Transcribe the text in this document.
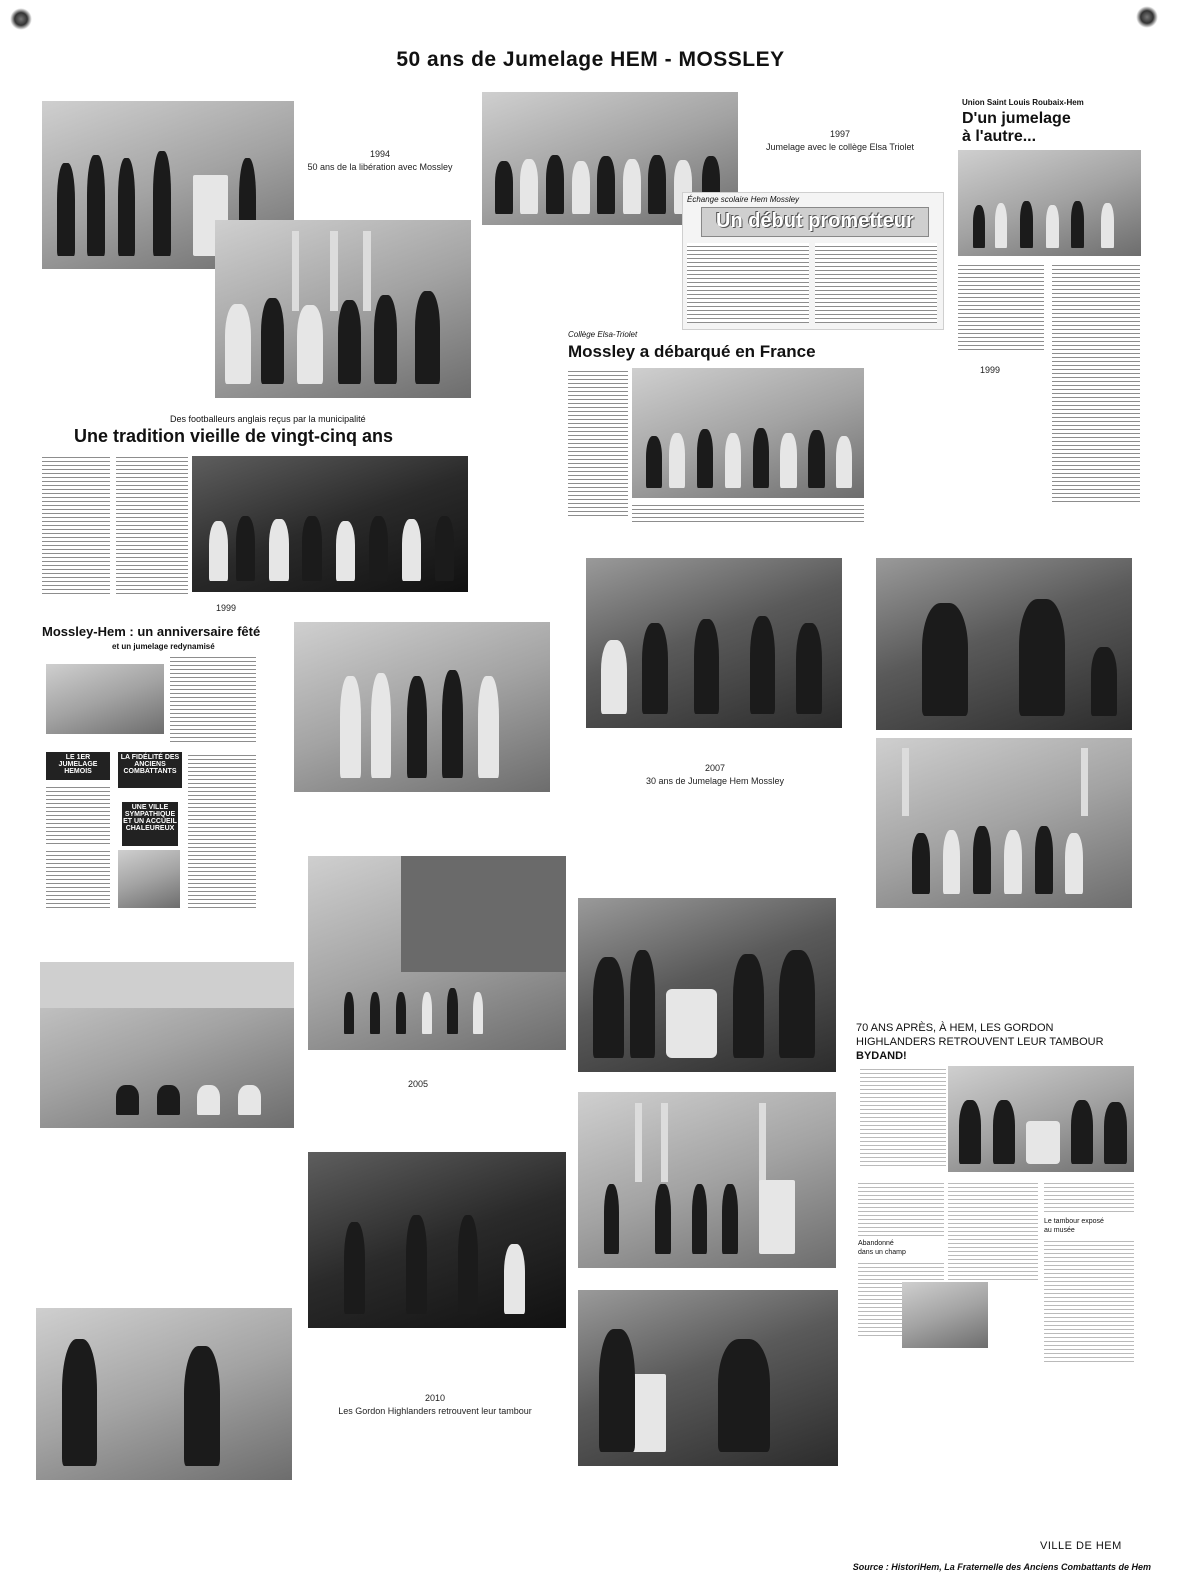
50 ans de Jumelage HEM - MOSSLEY
1994
50 ans de la libération avec Mossley
1997
Jumelage avec le collège Elsa Triolet
Échange scolaire Hem Mossley
Un début prometteur
Union Saint Louis Roubaix-Hem
D'un jumelage
à l'autre...
1999
Collège Elsa-Triolet
Mossley a débarqué en France
Des footballeurs anglais reçus par la municipalité
Une tradition vieille de vingt-cinq ans
1999
Mossley-Hem : un anniversaire fêté
et un jumelage redynamisé
LE 1ER JUMELAGE HEMOIS
LA FIDÉLITÉ DES ANCIENS COMBATTANTS
UNE VILLE SYMPATHIQUE ET UN ACCUEIL CHALEUREUX
2007
30 ans de Jumelage Hem Mossley
2005
2010
Les Gordon Highlanders retrouvent leur tambour
70 ANS APRÈS, À HEM, LES GORDON
HIGHLANDERS RETROUVENT LEUR TAMBOUR
BYDAND!
Abandonné
dans un champ
Le tambour exposé
au musée
VILLE DE HEM
Source : HistoriHem, La Fraternelle des Anciens Combattants de Hem
